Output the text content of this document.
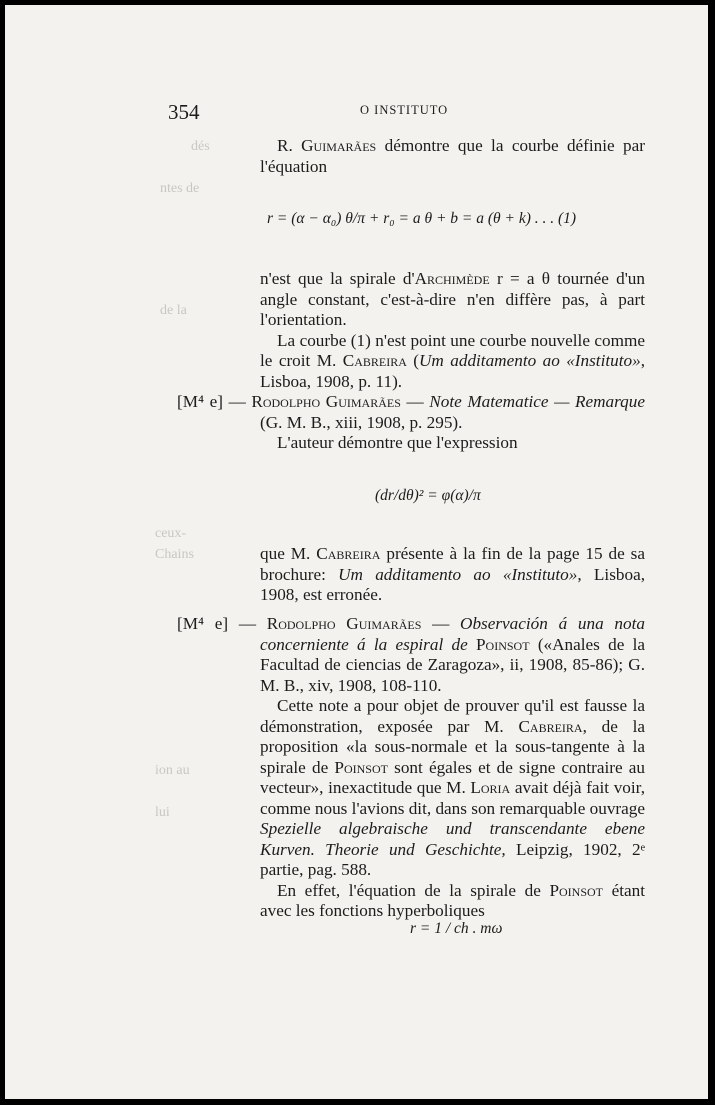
dés
ntes de
de la
ceux-
Chains
ion au
lui
354	O INSTITUTO

R. Guimarães démontre que la courbe définie par l'équation

r = (α − α₀) θ/π + r₀ = a θ + b = a (θ + k) . . . (1)

n'est que la spirale d'Archimède r = a θ tournée d'un angle constant, c'est-à-dire n'en diffère pas, à part l'orientation.

La courbe (1) n'est point une courbe nouvelle comme le croit M. Cabreira (Um additamento ao «Instituto», Lisboa, 1908, p. 11).

[M⁴ e] — Rodolpho Guimarães — Note Matematice — Remarque (G. M. B., xiii, 1908, p. 295).

L'auteur démontre que l'expression

(dr/dθ)² = φ(α)/π

que M. Cabreira présente à la fin de la page 15 de sa brochure: Um additamento ao «Instituto», Lisboa, 1908, est erronée.

[M⁴ e] — Rodolpho Guimarães — Observación á una nota concerniente á la espiral de Poinsot («Anales de la Facultad de ciencias de Zaragoza», ii, 1908, 85-86); G. M. B., xiv, 1908, 108-110.

Cette note a pour objet de prouver qu'il est fausse la démonstration, exposée par M. Cabreira, de la proposition «la sous-normale et la sous-tangente à la spirale de Poinsot sont égales et de signe contraire au vecteur», inexactitude que M. Loria avait déjà fait voir, comme nous l'avions dit, dans son remarquable ouvrage Spezielle algebraische und transcendante ebene Kurven. Theorie und Geschichte, Leipzig, 1902, 2ᵉ partie, pag. 588.

En effet, l'équation de la spirale de Poinsot étant avec les fonctions hyperboliques

r = 1 / ch . mω
